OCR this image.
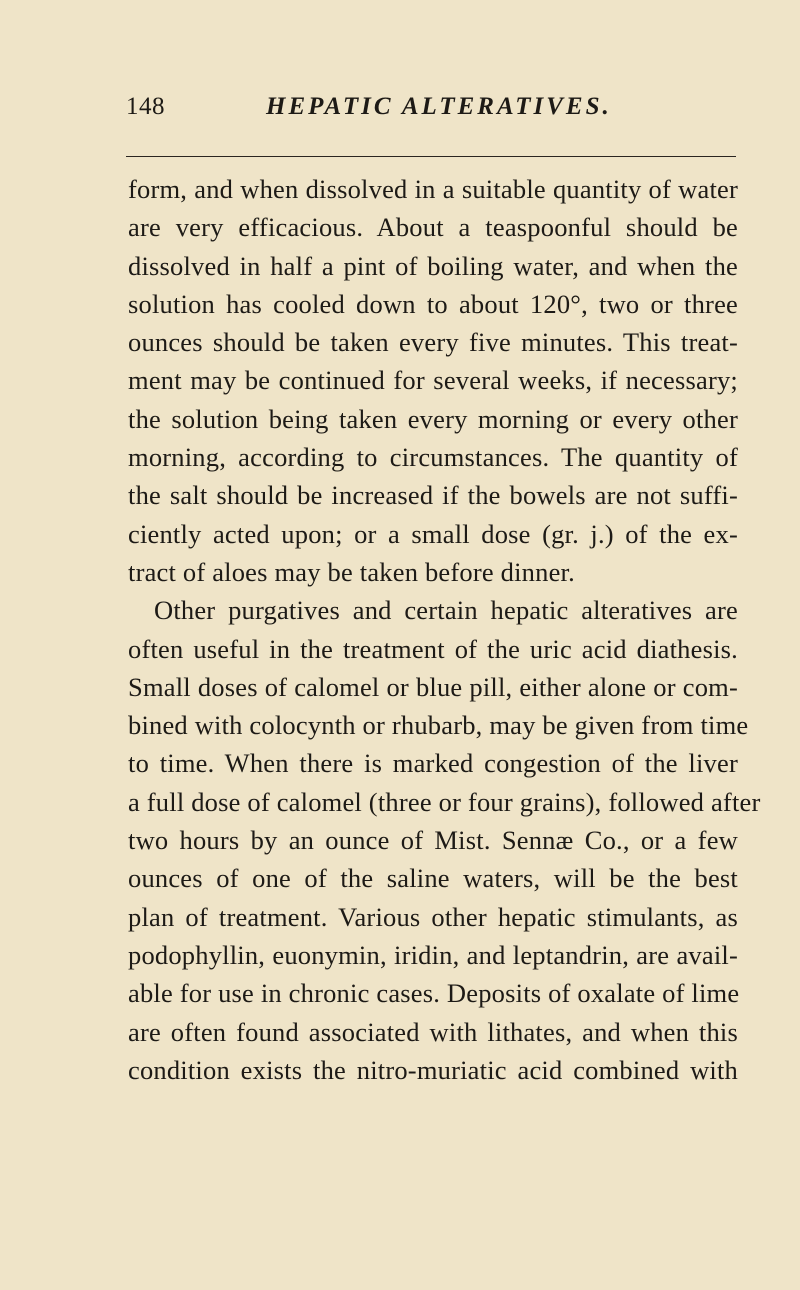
148	HEPATIC ALTERATIVES.
form, and when dissolved in a suitable quantity of water
are very efficacious. About a teaspoonful should be
dissolved in half a pint of boiling water, and when the
solution has cooled down to about 120°, two or three
ounces should be taken every five minutes. This treat-
ment may be continued for several weeks, if necessary;
the solution being taken every morning or every other
morning, according to circumstances. The quantity of
the salt should be increased if the bowels are not suffi-
ciently acted upon; or a small dose (gr. j.) of the ex-
tract of aloes may be taken before dinner.
Other purgatives and certain hepatic alteratives are
often useful in the treatment of the uric acid diathesis.
Small doses of calomel or blue pill, either alone or com-
bined with colocynth or rhubarb, may be given from time
to time. When there is marked congestion of the liver
a full dose of calomel (three or four grains), followed after
two hours by an ounce of Mist. Sennæ Co., or a few
ounces of one of the saline waters, will be the best
plan of treatment. Various other hepatic stimulants, as
podophyllin, euonymin, iridin, and leptandrin, are avail-
able for use in chronic cases. Deposits of oxalate of lime
are often found associated with lithates, and when this
condition exists the nitro-muriatic acid combined with
